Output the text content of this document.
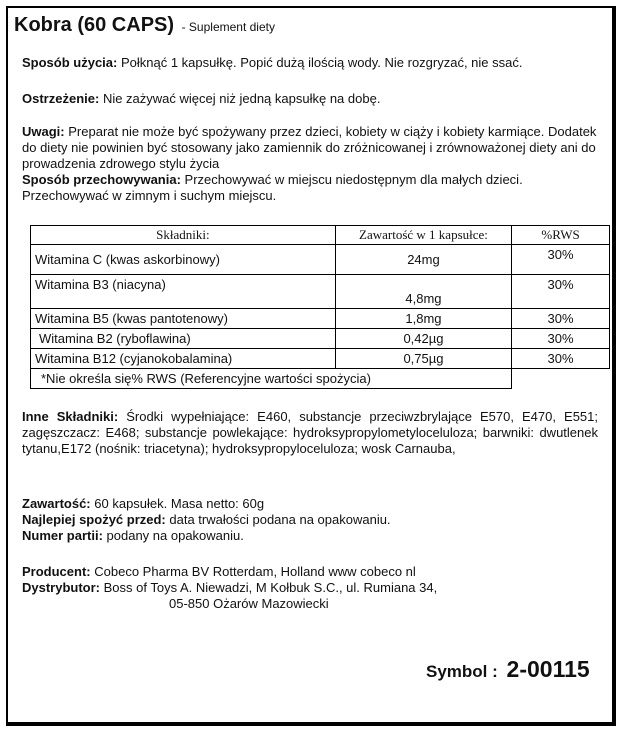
Kobra (60 CAPS) - Suplement diety
Sposób użycia: Połknąć 1 kapsułkę. Popić dużą ilością wody. Nie rozgryzać, nie ssać.
Ostrzeżenie: Nie zażywać więcej niż jedną kapsułkę na dobę.
Uwagi: Preparat nie może być spożywany przez dzieci, kobiety w ciąży i kobiety karmiące. Dodatek do diety nie powinien być stosowany jako zamiennik do zróżnicowanej i zrównoważonej diety ani do prowadzenia zdrowego stylu życia
Sposób przechowywania: Przechowywać w miejscu niedostępnym dla małych dzieci. Przechowywać w zimnym i suchym miejscu.
Składniki:	Zawartość w 1 kapsułce:	%RWS
Witamina C (kwas askorbinowy)	24mg	30%
Witamina B3 (niacyna)	4,8mg	30%
Witamina B5 (kwas pantotenowy)	1,8mg	30%
Witamina B2 (ryboflawina)	0,42µg	30%
Witamina B12 (cyjanokobalamina)	0,75µg	30%
*Nie określa się% RWS (Referencyjne wartości spożycia)		
Inne Składniki: Środki wypełniające: E460, substancje przeciwzbrylające E570, E470, E551; zagęszczacz: E468; substancje powlekające: hydroksypropylometyloceluloza; barwniki: dwutlenek tytanu,E172 (nośnik: triacetyna); hydroksypropyloceluloza; wosk Carnauba,
Zawartość: 60 kapsułek. Masa netto: 60g
Najlepiej spożyć przed: data trwałości podana na opakowaniu.
Numer partii: podany na opakowaniu.
Producent: Cobeco Pharma BV Rotterdam, Holland www cobeco nl
Dystrybutor: Boss of Toys A. Niewadzi, M Kołbuk S.C., ul. Rumiana 34,
05-850 Ożarów Mazowiecki
Symbol : 2-00115
